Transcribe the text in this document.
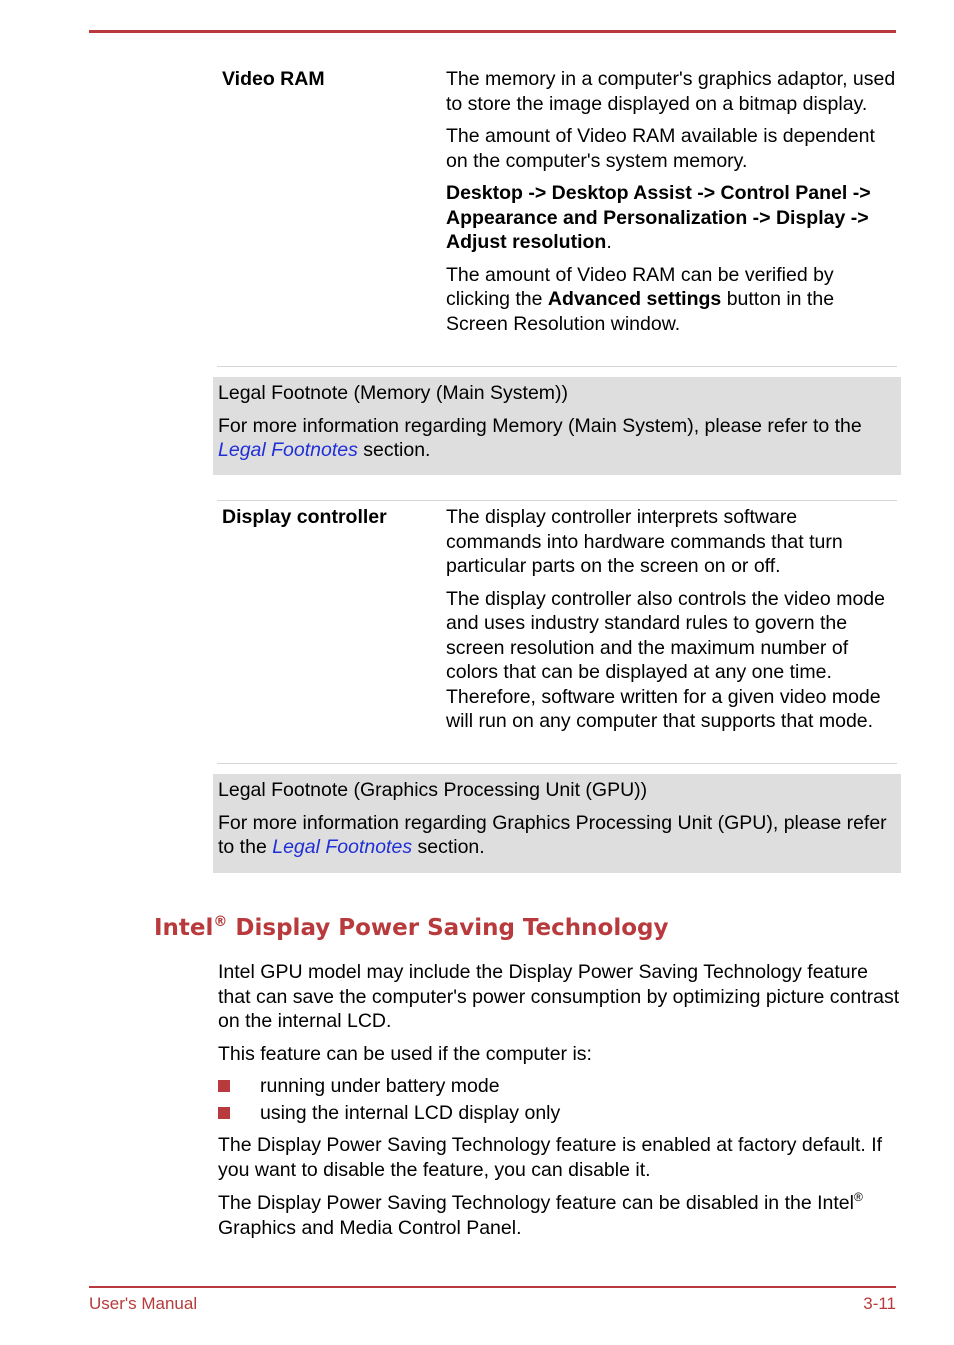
Video RAM	The memory in a computer's graphics adaptor, used to store the image displayed on a bitmap display.

The amount of Video RAM available is dependent on the computer's system memory.

Desktop -> Desktop Assist -> Control Panel -> Appearance and Personalization -> Display -> Adjust resolution.

The amount of Video RAM can be verified by clicking the Advanced settings button in the Screen Resolution window.

Legal Footnote (Memory (Main System))

For more information regarding Memory (Main System), please refer to the Legal Footnotes section.

Display controller	The display controller interprets software commands into hardware commands that turn particular parts on the screen on or off.

The display controller also controls the video mode and uses industry standard rules to govern the screen resolution and the maximum number of colors that can be displayed at any one time. Therefore, software written for a given video mode will run on any computer that supports that mode.

Legal Footnote (Graphics Processing Unit (GPU))

For more information regarding Graphics Processing Unit (GPU), please refer to the Legal Footnotes section.

Intel® Display Power Saving Technology

Intel GPU model may include the Display Power Saving Technology feature that can save the computer's power consumption by optimizing picture contrast on the internal LCD.

This feature can be used if the computer is:

running under battery mode
using the internal LCD display only

The Display Power Saving Technology feature is enabled at factory default. If you want to disable the feature, you can disable it.

The Display Power Saving Technology feature can be disabled in the Intel® Graphics and Media Control Panel.

User's Manual	3-11
